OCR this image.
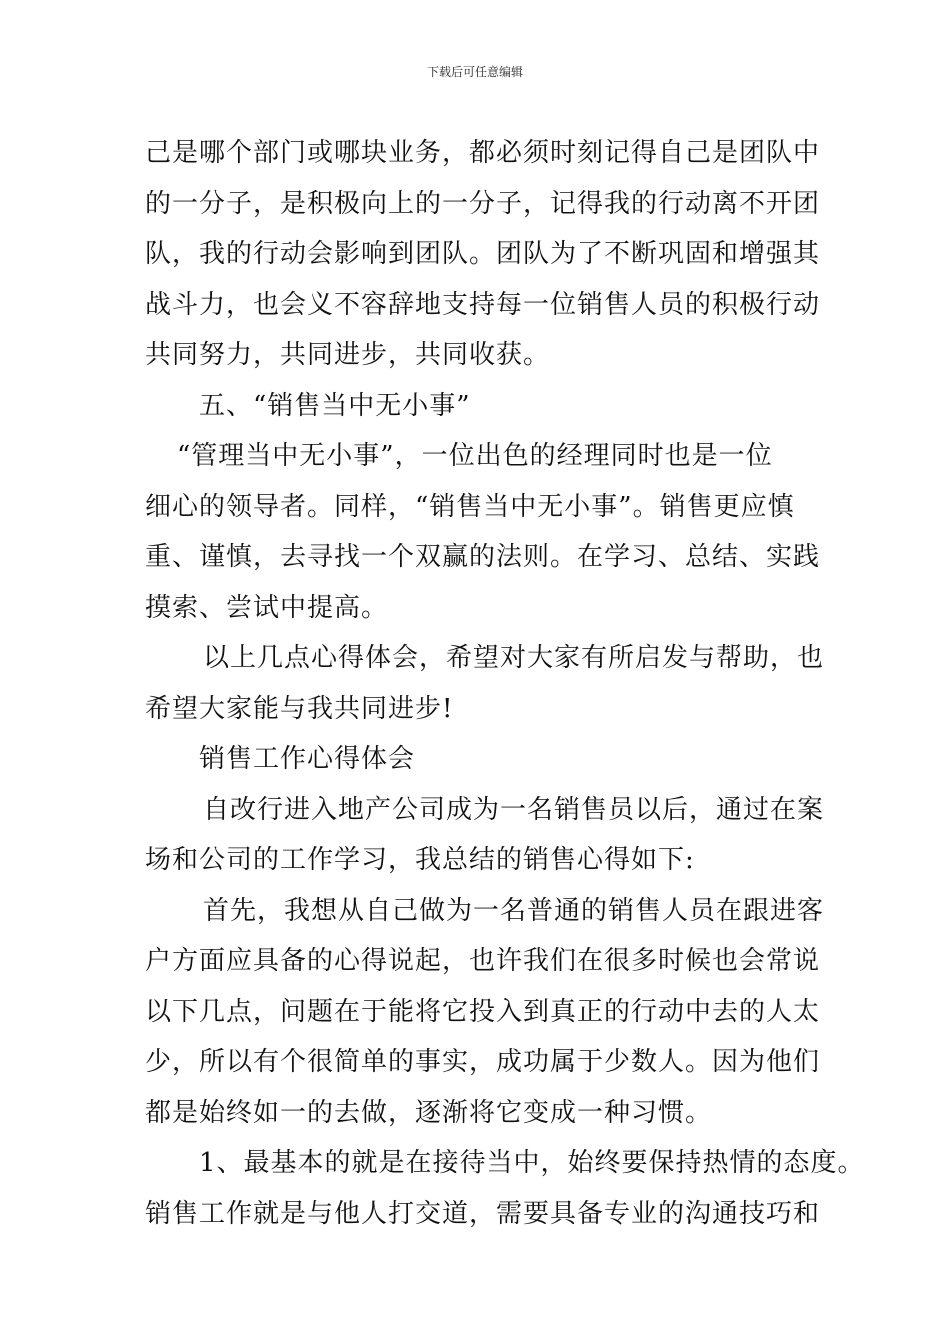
下载后可任意编辑
己是哪个部门或哪块业务，都必须时刻记得自己是团队中
的一分子，是积极向上的一分子，记得我的行动离不开团
队，我的行动会影响到团队。团队为了不断巩固和增强其
战斗力，也会义不容辞地支持每一位销售人员的积极行动
共同努力，共同进步，共同收获。
五、“销售当中无小事”
“管理当中无小事”，一位出色的经理同时也是一位
细心的领导者。同样，“销售当中无小事”。销售更应慎
重、谨慎，去寻找一个双赢的法则。在学习、总结、实践
摸索、尝试中提高。
以上几点心得体会，希望对大家有所启发与帮助，也
希望大家能与我共同进步!
销售工作心得体会
自改行进入地产公司成为一名销售员以后，通过在案
场和公司的工作学习，我总结的销售心得如下:
首先，我想从自己做为一名普通的销售人员在跟进客
户方面应具备的心得说起，也许我们在很多时候也会常说
以下几点，问题在于能将它投入到真正的行动中去的人太
少，所以有个很简单的事实，成功属于少数人。因为他们
都是始终如一的去做，逐渐将它变成一种习惯。
1、最基本的就是在接待当中，始终要保持热情的态度。
销售工作就是与他人打交道，需要具备专业的沟通技巧和
